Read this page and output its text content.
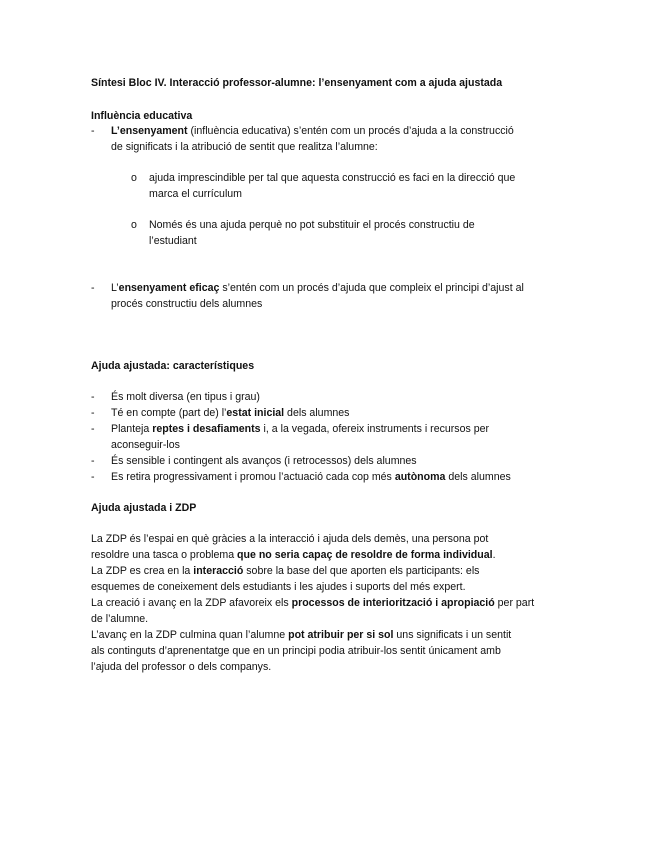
Síntesi Bloc IV. Interacció professor-alumne: l’ensenyament com a ajuda ajustada
Influència educativa
-	L’ensenyament (influència educativa) s’entén com un procés d’ajuda a la construcció
de significats i la atribució de sentit que realitza l’alumne:
o ajuda imprescindible per tal que aquesta construcció es faci en la direcció que
marca el currículum
o Només és una ajuda perquè no pot substituir el procés constructiu de
l’estudiant
-	L’ensenyament eficaç s’entén com un procés d’ajuda que compleix el principi d’ajust al
procés constructiu dels alumnes
Ajuda ajustada: característiques
-	És molt diversa (en tipus i grau)
-	Té en compte (part de) l’estat inicial dels alumnes
-	Planteja reptes i desafiaments i, a la vegada, ofereix instruments i recursos per
aconseguir-los
-	És sensible i contingent als avanços (i retrocessos) dels alumnes
-	Es retira progressivament i promou l’actuació cada cop més autònoma dels alumnes
Ajuda ajustada i ZDP
La ZDP és l’espai en què gràcies a la interacció i ajuda dels demès, una persona pot
resoldre una tasca o problema que no seria capaç de resoldre de forma individual.
La ZDP es crea en la interacció sobre la base del que aporten els participants: els
esquemes de coneixement dels estudiants i les ajudes i suports del més expert.
La creació i avanç en la ZDP afavoreix els processos de interiorització i apropiació per part
de l’alumne.
L’avanç en la ZDP culmina quan l’alumne pot atribuir per si sol uns significats i un sentit
als continguts d’aprenentatge que en un principi podia atribuir-los sentit únicament amb
l’ajuda del professor o dels companys.
